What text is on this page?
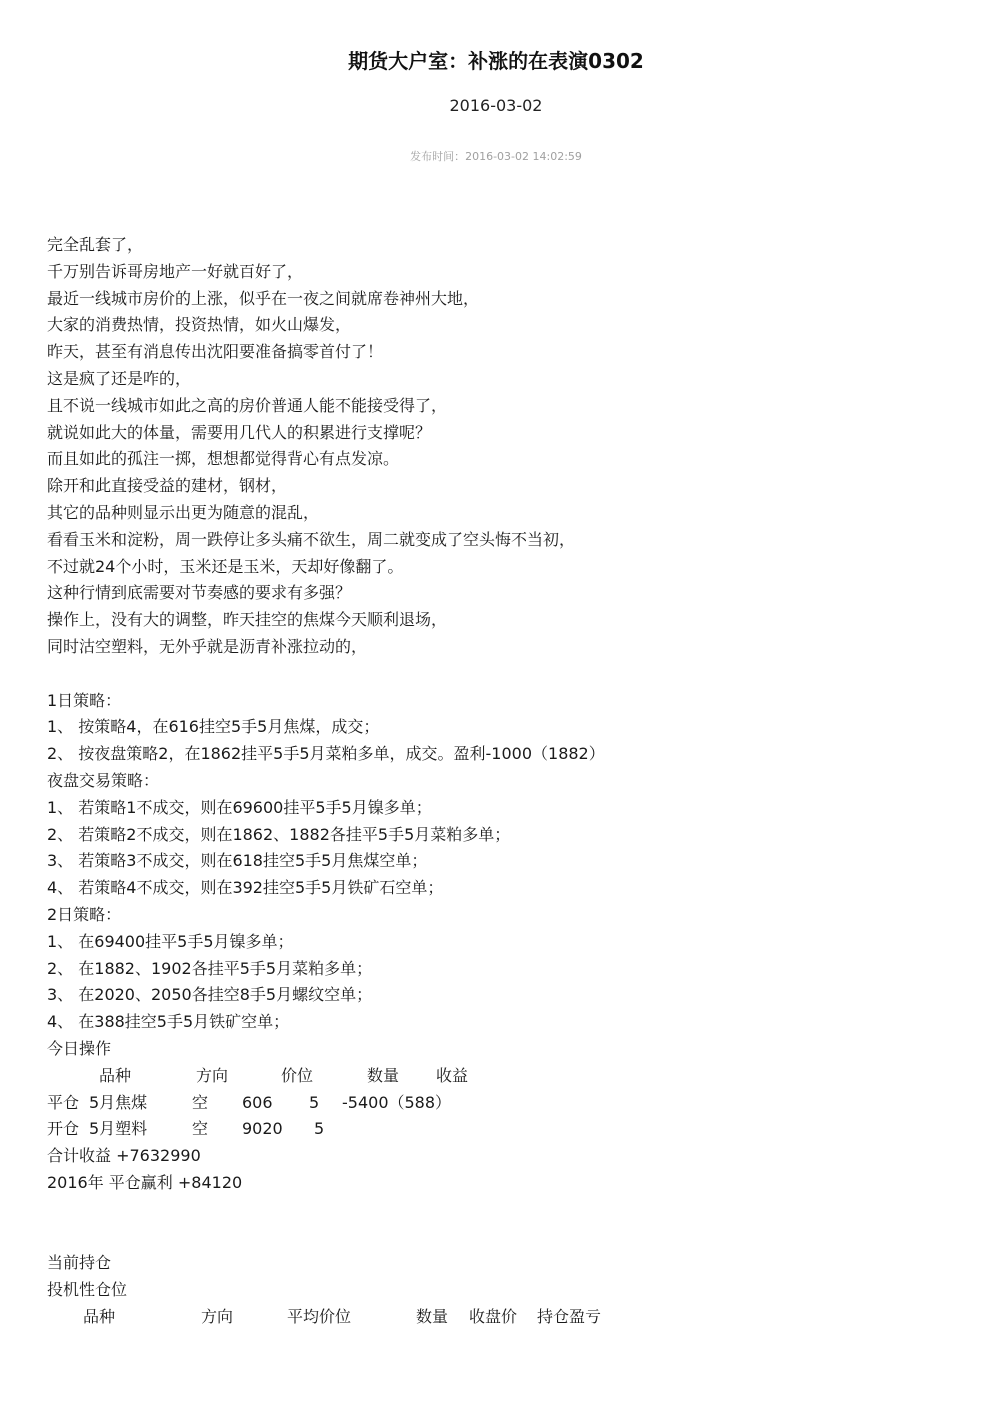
期货大户室：补涨的在表演0302
2016-03-02
发布时间：2016-03-02 14:02:59
完全乱套了，
千万别告诉哥房地产一好就百好了，
最近一线城市房价的上涨，似乎在一夜之间就席卷神州大地，
大家的消费热情，投资热情，如火山爆发，
昨天，甚至有消息传出沈阳要准备搞零首付了！
这是疯了还是咋的，
且不说一线城市如此之高的房价普通人能不能接受得了，
就说如此大的体量，需要用几代人的积累进行支撑呢？
而且如此的孤注一掷，想想都觉得背心有点发凉。
除开和此直接受益的建材，钢材，
其它的品种则显示出更为随意的混乱，
看看玉米和淀粉，周一跌停让多头痛不欲生，周二就变成了空头悔不当初，
不过就24个小时，玉米还是玉米，天却好像翻了。
这种行情到底需要对节奏感的要求有多强？
操作上，没有大的调整，昨天挂空的焦煤今天顺利退场，
同时沽空塑料，无外乎就是沥青补涨拉动的，
1日策略：
1、 按策略4，在616挂空5手5月焦煤，成交；
2、 按夜盘策略2，在1862挂平5手5月菜粕多单，成交。盈利-1000（1882）
夜盘交易策略：
1、 若策略1不成交，则在69600挂平5手5月镍多单；
2、 若策略2不成交，则在1862、1882各挂平5手5月菜粕多单；
3、 若策略3不成交，则在618挂空5手5月焦煤空单；
4、 若策略4不成交，则在392挂空5手5月铁矿石空单；
2日策略：
1、 在69400挂平5手5月镍多单；
2、 在1882、1902各挂平5手5月菜粕多单；
3、 在2020、2050各挂空8手5月螺纹空单；
4、 在388挂空5手5月铁矿空单；
今日操作
品种	方向	价位	数量 收益
平仓 5月焦煤	空 606 5 -5400（588）
开仓 5月塑料	空 9020 5
合计收益 +7632990
2016年 平仓赢利 +84120
当前持仓
投机性仓位
品种	方向	平均价位	数量 收盘价 持仓盈亏
